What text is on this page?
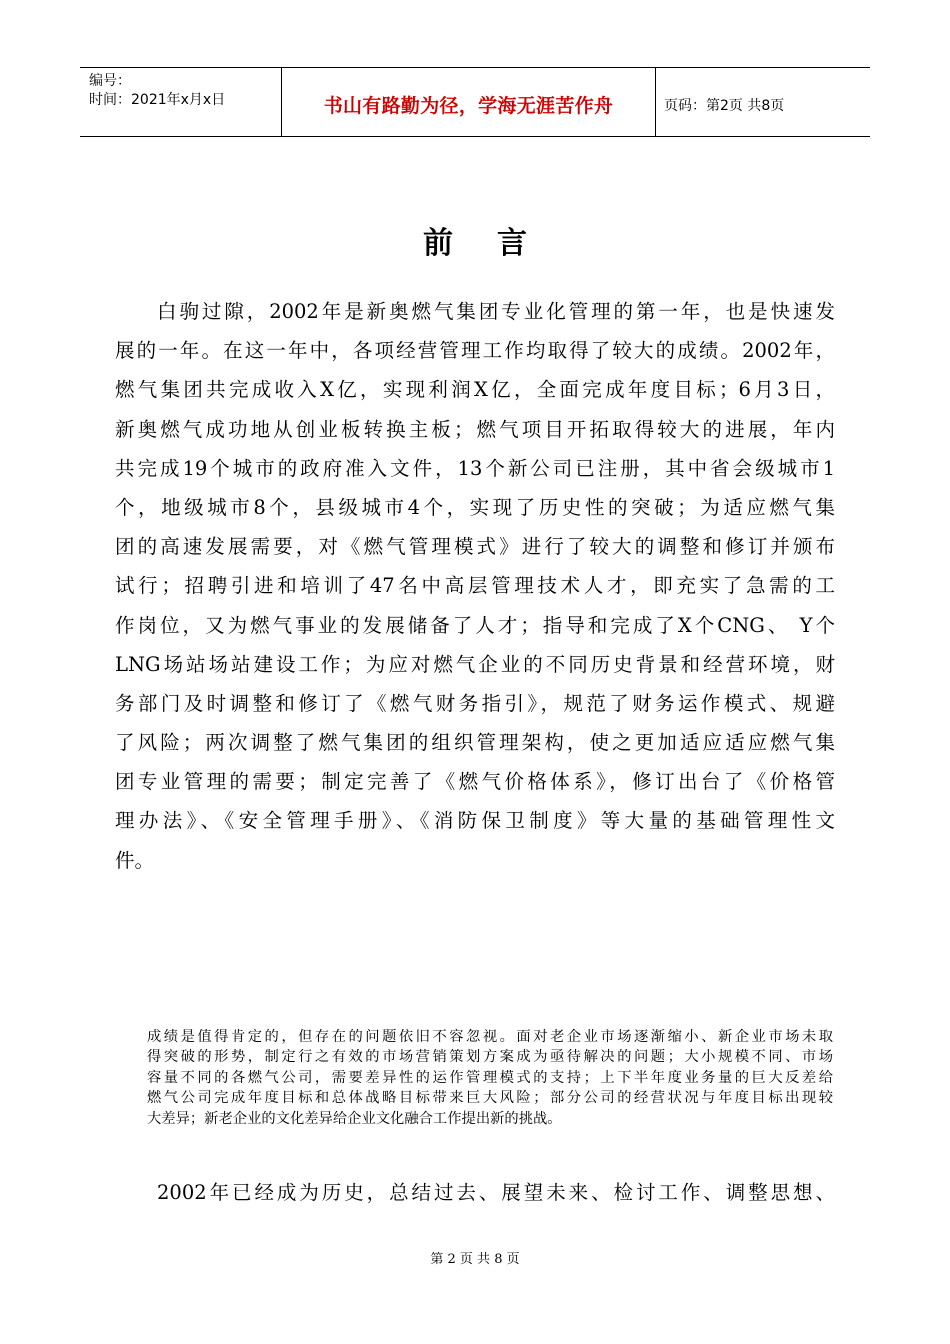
编号：
时间：2021年x月x日	书山有路勤为径，学海无涯苦作舟	页码：第2页 共8页
前言
白驹过隙，2002年是新奥燃气集团专业化管理的第一年，也是快速发
展的一年。在这一年中，各项经营管理工作均取得了较大的成绩。2002年，
燃气集团共完成收入X亿，实现利润X亿，全面完成年度目标；6月3日，
新奥燃气成功地从创业板转换主板；燃气项目开拓取得较大的进展，年内
共完成19个城市的政府准入文件，13个新公司已注册，其中省会级城市1
个，地级城市8个，县级城市4个，实现了历史性的突破；为适应燃气集
团的高速发展需要，对《燃气管理模式》进行了较大的调整和修订并颁布
试行；招聘引进和培训了47名中高层管理技术人才，即充实了急需的工
作岗位，又为燃气事业的发展储备了人才；指导和完成了X个CNG、 Y个
LNG场站场站建设工作；为应对燃气企业的不同历史背景和经营环境，财
务部门及时调整和修订了《燃气财务指引》，规范了财务运作模式、规避
了风险；两次调整了燃气集团的组织管理架构，使之更加适应适应燃气集
团专业管理的需要；制定完善了《燃气价格体系》，修订出台了《价格管
理办法》、《安全管理手册》、《消防保卫制度》等大量的基础管理性文
件。
成绩是值得肯定的，但存在的问题依旧不容忽视。面对老企业市场逐渐缩小、新企业市场未取
得突破的形势，制定行之有效的市场营销策划方案成为亟待解决的问题；大小规模不同、市场
容量不同的各燃气公司，需要差异性的运作管理模式的支持；上下半年度业务量的巨大反差给
燃气公司完成年度目标和总体战略目标带来巨大风险；部分公司的经营状况与年度目标出现较
大差异；新老企业的文化差异给企业文化融合工作提出新的挑战。
2002年已经成为历史，总结过去、展望未来、检讨工作、调整思想、
第 2 页 共 8 页
